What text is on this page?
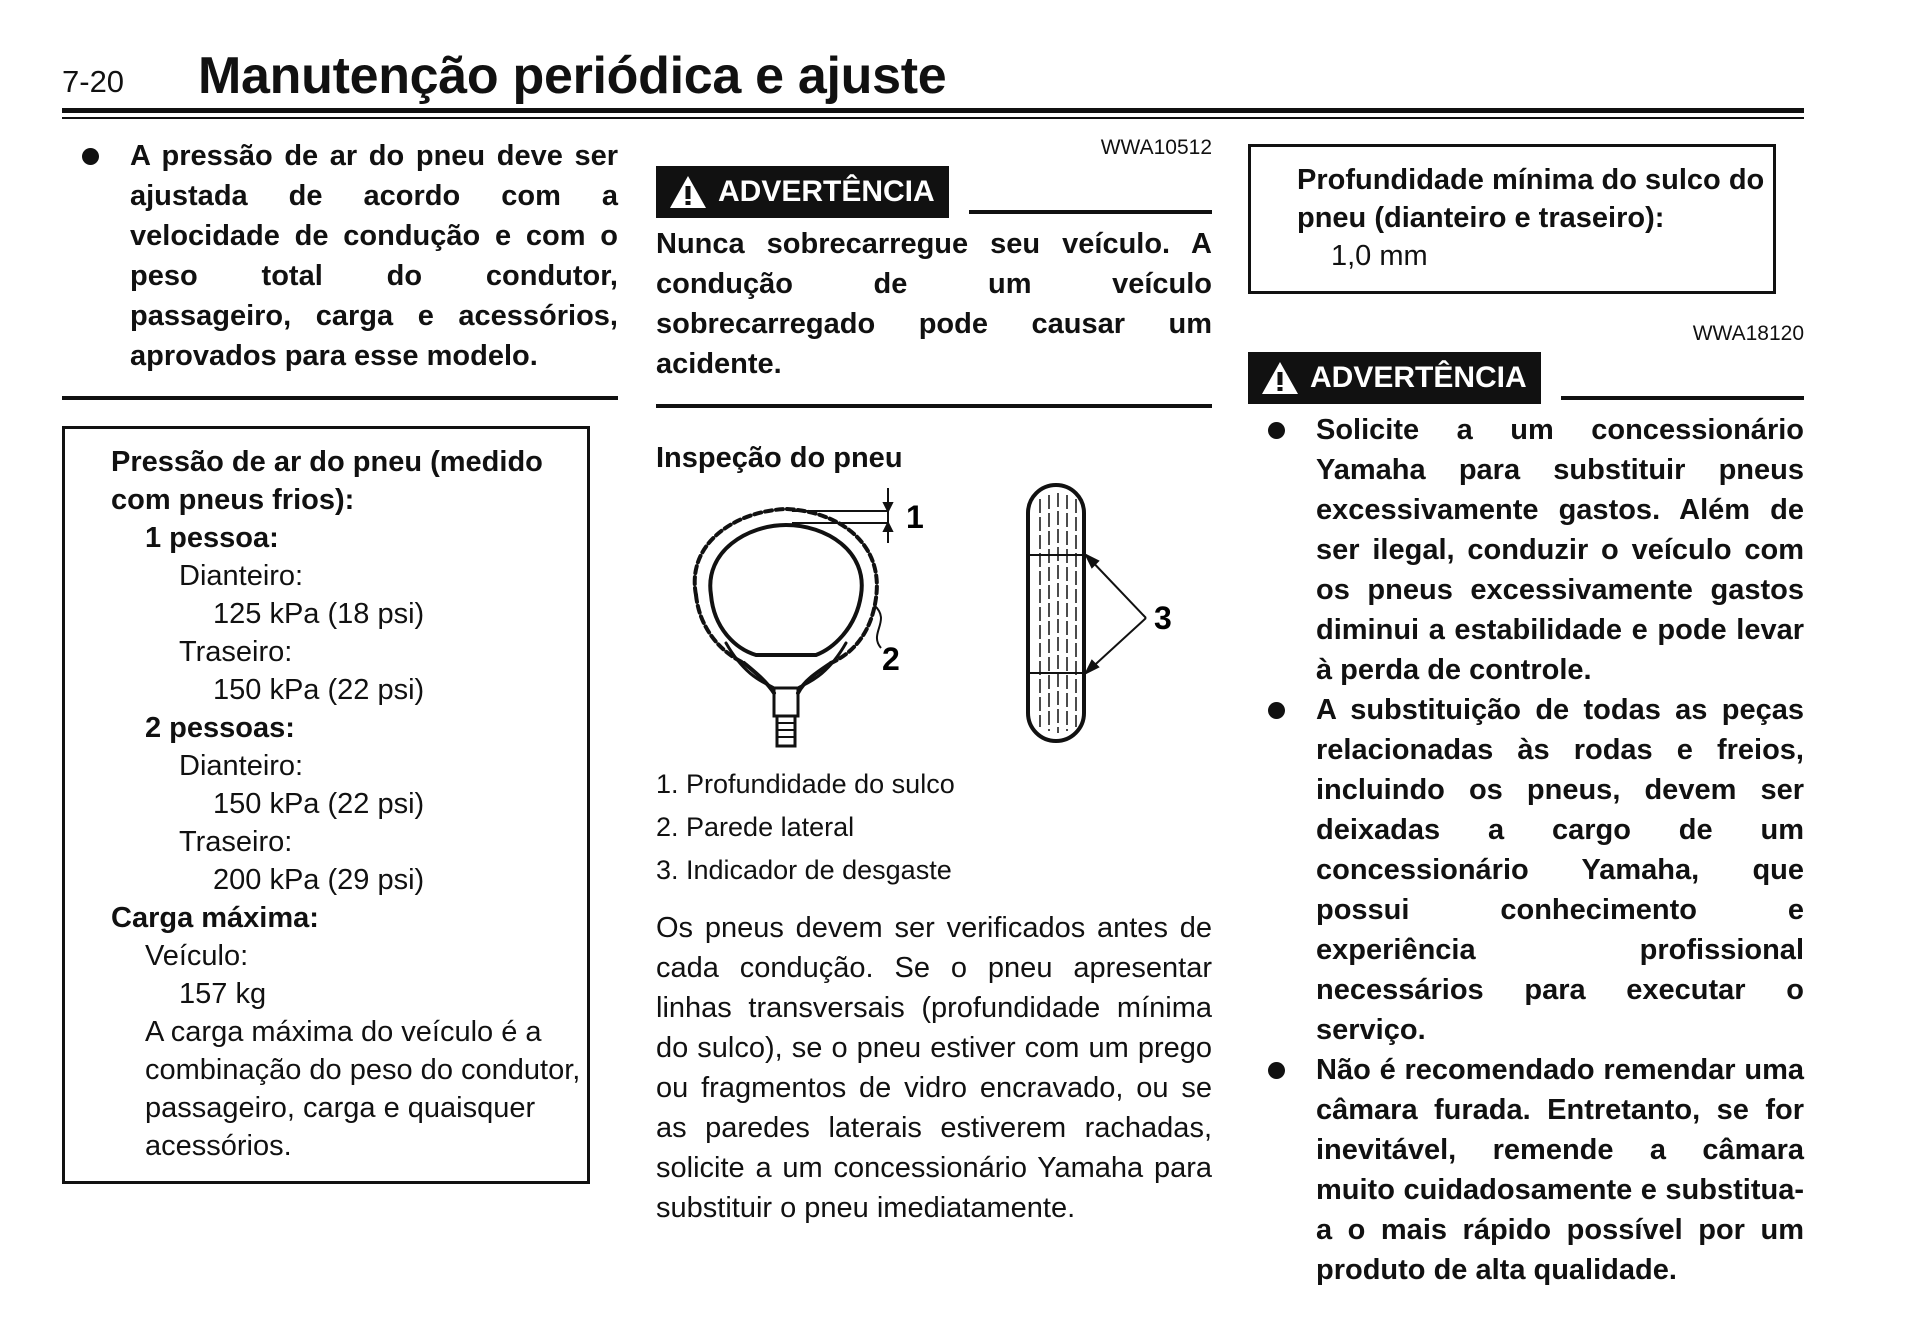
7-20 Manutenção periódica e ajuste
A pressão de ar do pneu deve ser ajustada de acordo com a velocidade de condução e com o peso total do condutor, passageiro, carga e acessórios, aprovados para esse modelo.
Pressão de ar do pneu (medido com pneus frios):
1 pessoa:
Dianteiro:
125 kPa (18 psi)
Traseiro:
150 kPa (22 psi)
2 pessoas:
Dianteiro:
150 kPa (22 psi)
Traseiro:
200 kPa (29 psi)
Carga máxima:
Veículo:
157 kg
A carga máxima do veículo é a combinação do peso do condutor, passageiro, carga e quaisquer acessórios.
WWA10512
ADVERTÊNCIA
Nunca sobrecarregue seu veículo. A condução de um veículo sobrecarregado pode causar um acidente.
Inspeção do pneu
1
2
3
1. Profundidade do sulco
2. Parede lateral
3. Indicador de desgaste
Os pneus devem ser verificados antes de cada condução. Se o pneu apresentar linhas transversais (profundidade mínima do sulco), se o pneu estiver com um prego ou fragmentos de vidro encravado, ou se as paredes laterais estiverem rachadas, solicite a um concessionário Yamaha para substituir o pneu imediatamente.
Profundidade mínima do sulco do pneu (dianteiro e traseiro):
1,0 mm
WWA18120
ADVERTÊNCIA
Solicite a um concessionário Yamaha para substituir pneus excessivamente gastos. Além de ser ilegal, conduzir o veículo com os pneus excessivamente gastos diminui a estabilidade e pode levar à perda de controle.
A substituição de todas as peças relacionadas às rodas e freios, incluindo os pneus, devem ser deixadas a cargo de um concessionário Yamaha, que possui conhecimento e experiência profissional necessários para executar o serviço.
Não é recomendado remendar uma câmara furada. Entretanto, se for inevitável, remende a câmara muito cuidadosamente e substitua-a o mais rápido possível por um produto de alta qualidade.
